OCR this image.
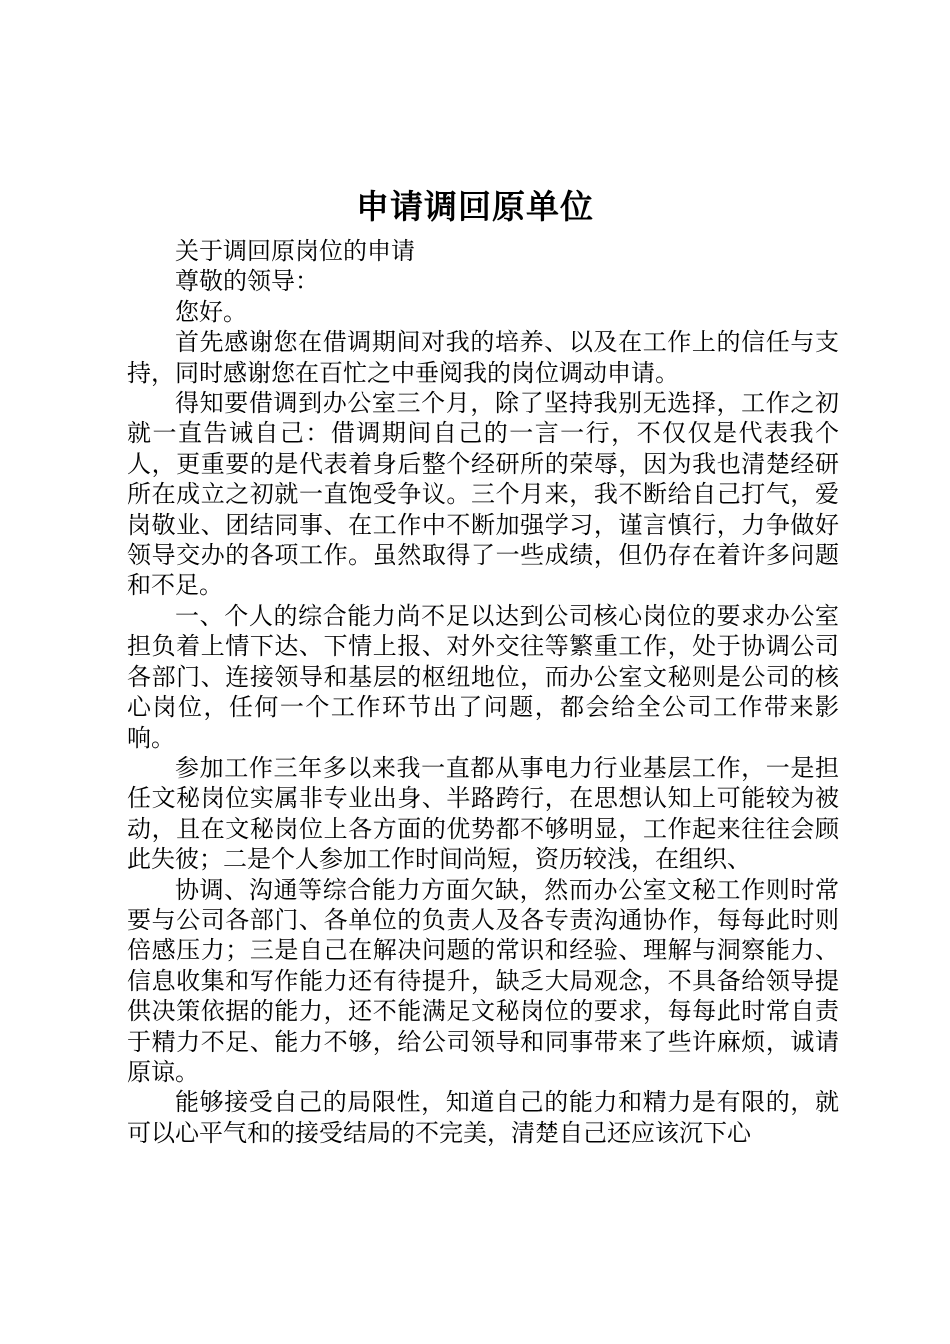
申请调回原单位

关于调回原岗位的申请

尊敬的领导：

您好。

首先感谢您在借调期间对我的培养、以及在工作上的信任与支持，同时感谢您在百忙之中垂阅我的岗位调动申请。

得知要借调到办公室三个月，除了坚持我别无选择，工作之初就一直告诫自己：借调期间自己的一言一行，不仅仅是代表我个人，更重要的是代表着身后整个经研所的荣辱，因为我也清楚经研所在成立之初就一直饱受争议。三个月来，我不断给自己打气，爱岗敬业、团结同事、在工作中不断加强学习，谨言慎行，力争做好领导交办的各项工作。虽然取得了一些成绩，但仍存在着许多问题和不足。

一、个人的综合能力尚不足以达到公司核心岗位的要求办公室担负着上情下达、下情上报、对外交往等繁重工作，处于协调公司各部门、连接领导和基层的枢纽地位，而办公室文秘则是公司的核心岗位，任何一个工作环节出了问题，都会给全公司工作带来影响。

参加工作三年多以来我一直都从事电力行业基层工作，一是担任文秘岗位实属非专业出身、半路跨行，在思想认知上可能较为被动，且在文秘岗位上各方面的优势都不够明显，工作起来往往会顾此失彼；二是个人参加工作时间尚短，资历较浅，在组织、

协调、沟通等综合能力方面欠缺，然而办公室文秘工作则时常要与公司各部门、各单位的负责人及各专责沟通协作，每每此时则倍感压力；三是自己在解决问题的常识和经验、理解与洞察能力、信息收集和写作能力还有待提升，缺乏大局观念，不具备给领导提供决策依据的能力，还不能满足文秘岗位的要求，每每此时常自责于精力不足、能力不够，给公司领导和同事带来了些许麻烦，诚请原谅。

能够接受自己的局限性，知道自己的能力和精力是有限的，就可以心平气和的接受结局的不完美，清楚自己还应该沉下心
